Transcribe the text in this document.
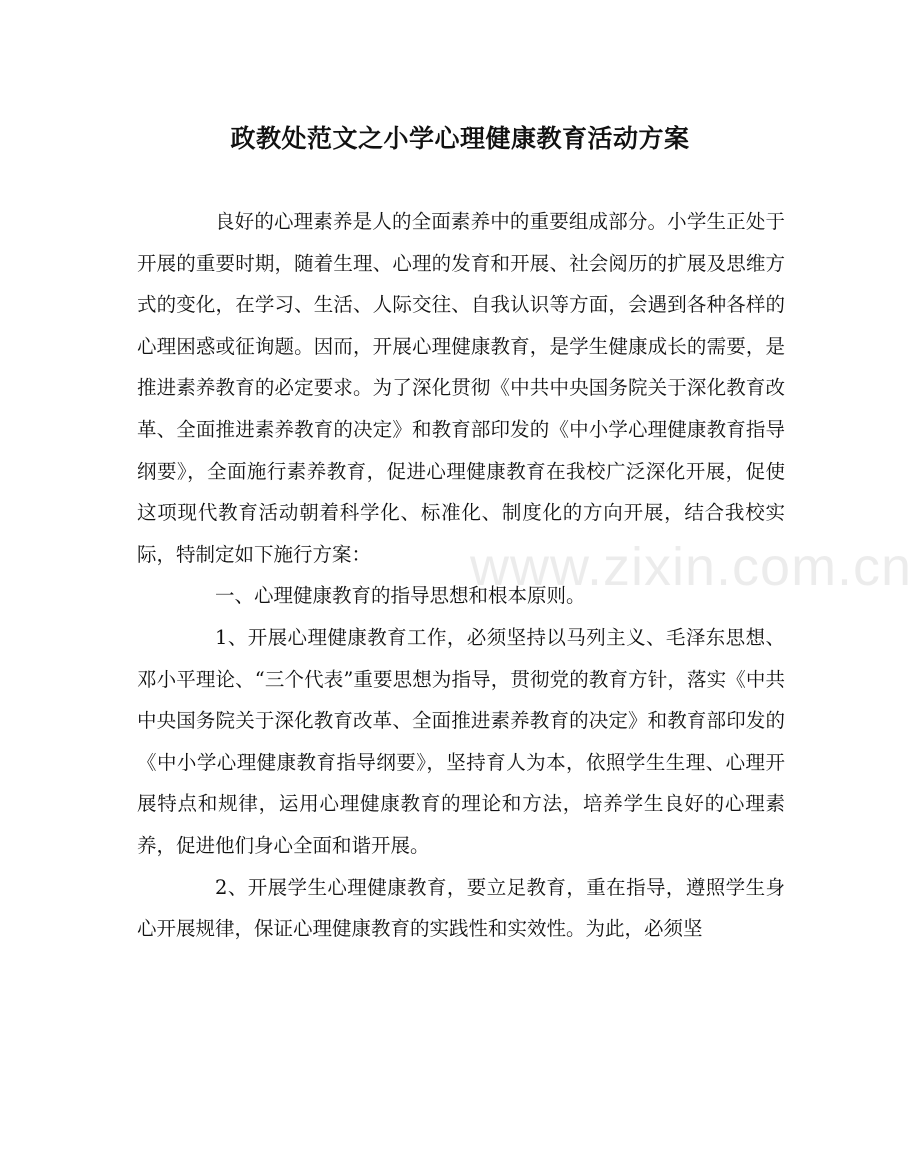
政教处范文之小学心理健康教育活动方案

良好的心理素养是人的全面素养中的重要组成部分。小学生正处于开展的重要时期，随着生理、心理的发育和开展、社会阅历的扩展及思维方式的变化，在学习、生活、人际交往、自我认识等方面，会遇到各种各样的心理困惑或征询题。因而，开展心理健康教育，是学生健康成长的需要，是推进素养教育的必定要求。为了深化贯彻《中共中央国务院关于深化教育改革、全面推进素养教育的决定》和教育部印发的《中小学心理健康教育指导纲要》，全面施行素养教育，促进心理健康教育在我校广泛深化开展，促使这项现代教育活动朝着科学化、标准化、制度化的方向开展，结合我校实际，特制定如下施行方案：

一、心理健康教育的指导思想和根本原则。

1、开展心理健康教育工作，必须坚持以马列主义、毛泽东思想、邓小平理论、“三个代表”重要思想为指导，贯彻党的教育方针，落实《中共中央国务院关于深化教育改革、全面推进素养教育的决定》和教育部印发的《中小学心理健康教育指导纲要》，坚持育人为本，依照学生生理、心理开展特点和规律，运用心理健康教育的理论和方法，培养学生良好的心理素养，促进他们身心全面和谐开展。

2、开展学生心理健康教育，要立足教育，重在指导，遵照学生身心开展规律，保证心理健康教育的实践性和实效性。为此，必须坚

www.zixin.com.cn
